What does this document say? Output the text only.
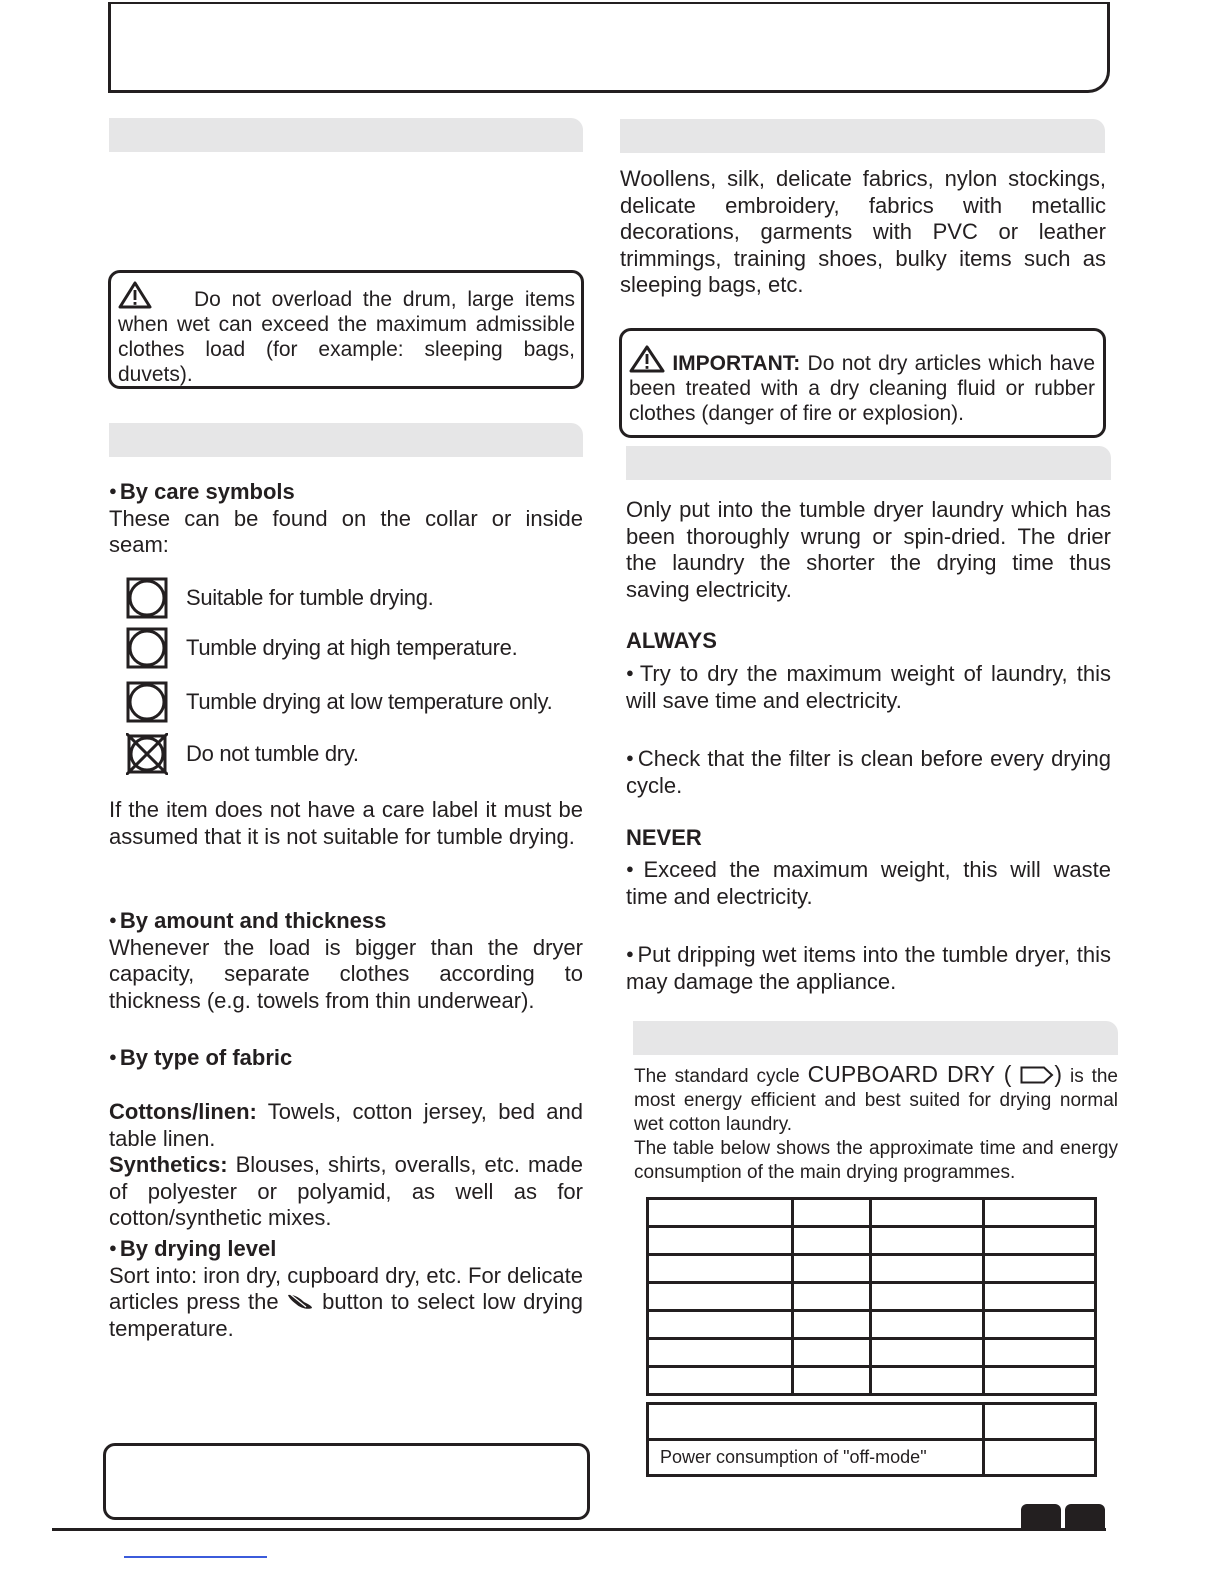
Do not overload the drum, large items when wet can exceed the maximum admissible clothes load (for example: sleeping bags, duvets).

● By care symbols

These can be found on the collar or inside seam:

Suitable for tumble drying.
Tumble drying at high temperature.
Tumble drying at low temperature only.
Do not tumble dry.

If the item does not have a care label it must be assumed that it is not suitable for tumble drying.

● By amount and thickness

Whenever the load is bigger than the dryer capacity, separate clothes according to thickness (e.g. towels from thin underwear).

● By type of fabric

Cottons/linen: Towels, cotton jersey, bed and table linen.

Synthetics: Blouses, shirts, overalls, etc. made of polyester or polyamid, as well as for cotton/synthetic mixes.

● By drying level

Sort into: iron dry, cupboard dry, etc. For delicate articles press the  button to select low drying temperature.

Woollens, silk, delicate fabrics, nylon stockings, delicate embroidery, fabrics with metallic decorations, garments with PVC or leather trimmings, training shoes, bulky items such as sleeping bags, etc.

IMPORTANT: Do not dry articles which have been treated with a dry cleaning fluid or rubber clothes (danger of fire or explosion).

Only put into the tumble dryer laundry which has been thoroughly wrung or spin-dried. The drier the laundry the shorter the drying time thus saving electricity.

ALWAYS

● Try to dry the maximum weight of laundry, this will save time and electricity.

● Check that the filter is clean before every drying cycle.

NEVER

● Exceed the maximum weight, this will waste time and electricity.

● Put dripping wet items into the tumble dryer, this may damage the appliance.

The standard cycle CUPBOARD DRY ( ) is the most energy efficient and best suited for drying normal wet cotton laundry.

The table below shows the approximate time and energy consumption of the main drying programmes.

Power consumption of "off-mode"	
